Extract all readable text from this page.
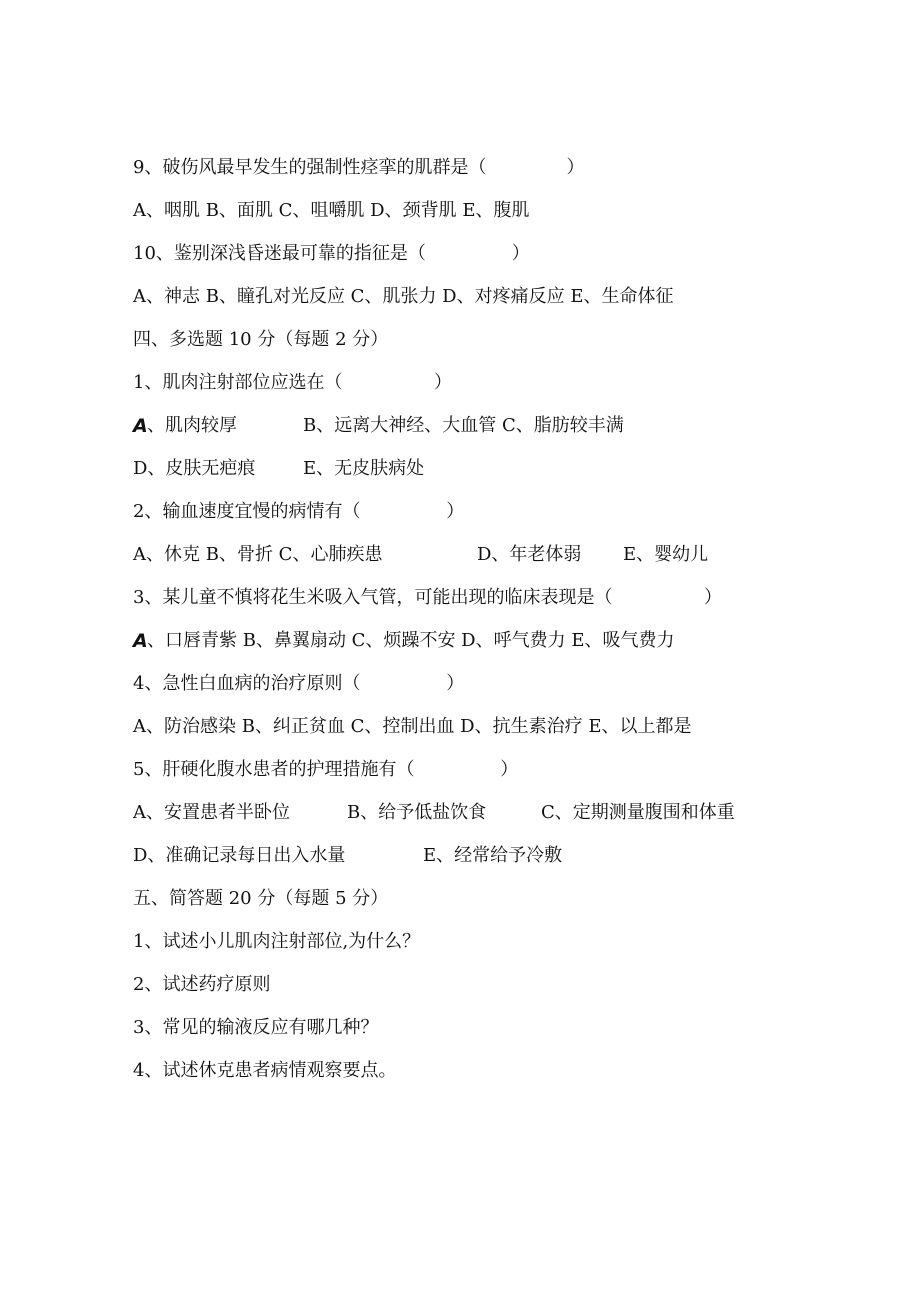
9、破伤风最早发生的强制性痉挛的肌群是（              ）
A、咽肌 B、面肌 C、咀嚼肌 D、颈背肌 E、腹肌
10、鉴别深浅昏迷最可靠的指征是（               ）
A、神志 B、瞳孔对光反应 C、肌张力 D、对疼痛反应 E、生命体征
四、多选题 10 分（每题 2 分）
1、肌肉注射部位应选在（                ）

A 、肌肉较厚

	B、远离大神经、大血管 C、脂肪较丰满

D、皮肤无疤痕

	E、无皮肤病处

2、输血速度宜慢的病情有（               ）

A、休克 B、骨折 C、心肺疾患

	D、年老体弱

E、婴幼儿

3、某儿童不慎将花生米吸入气管，可能出现的临床表现是（                ）

A 、口唇青紫 B、鼻翼扇动 C、烦躁不安 D、呼气费力 E、吸气费力

4、急性白血病的治疗原则（               ）
A、防治感染 B、纠正贫血 C、控制出血 D、抗生素治疗 E、以上都是
5、肝硬化腹水患者的护理措施有（               ）

A、安置患者半卧位

	B、给予低盐饮食

	C、定期测量腹围和体重

D、准确记录每日出入水量

	E、经常给予冷敷

五、简答题 20 分（每题 5 分）
1、试述小儿肌肉注射部位,为什么？
2、试述药疗原则
3、常见的输液反应有哪几种？
4、试述休克患者病情观察要点。
